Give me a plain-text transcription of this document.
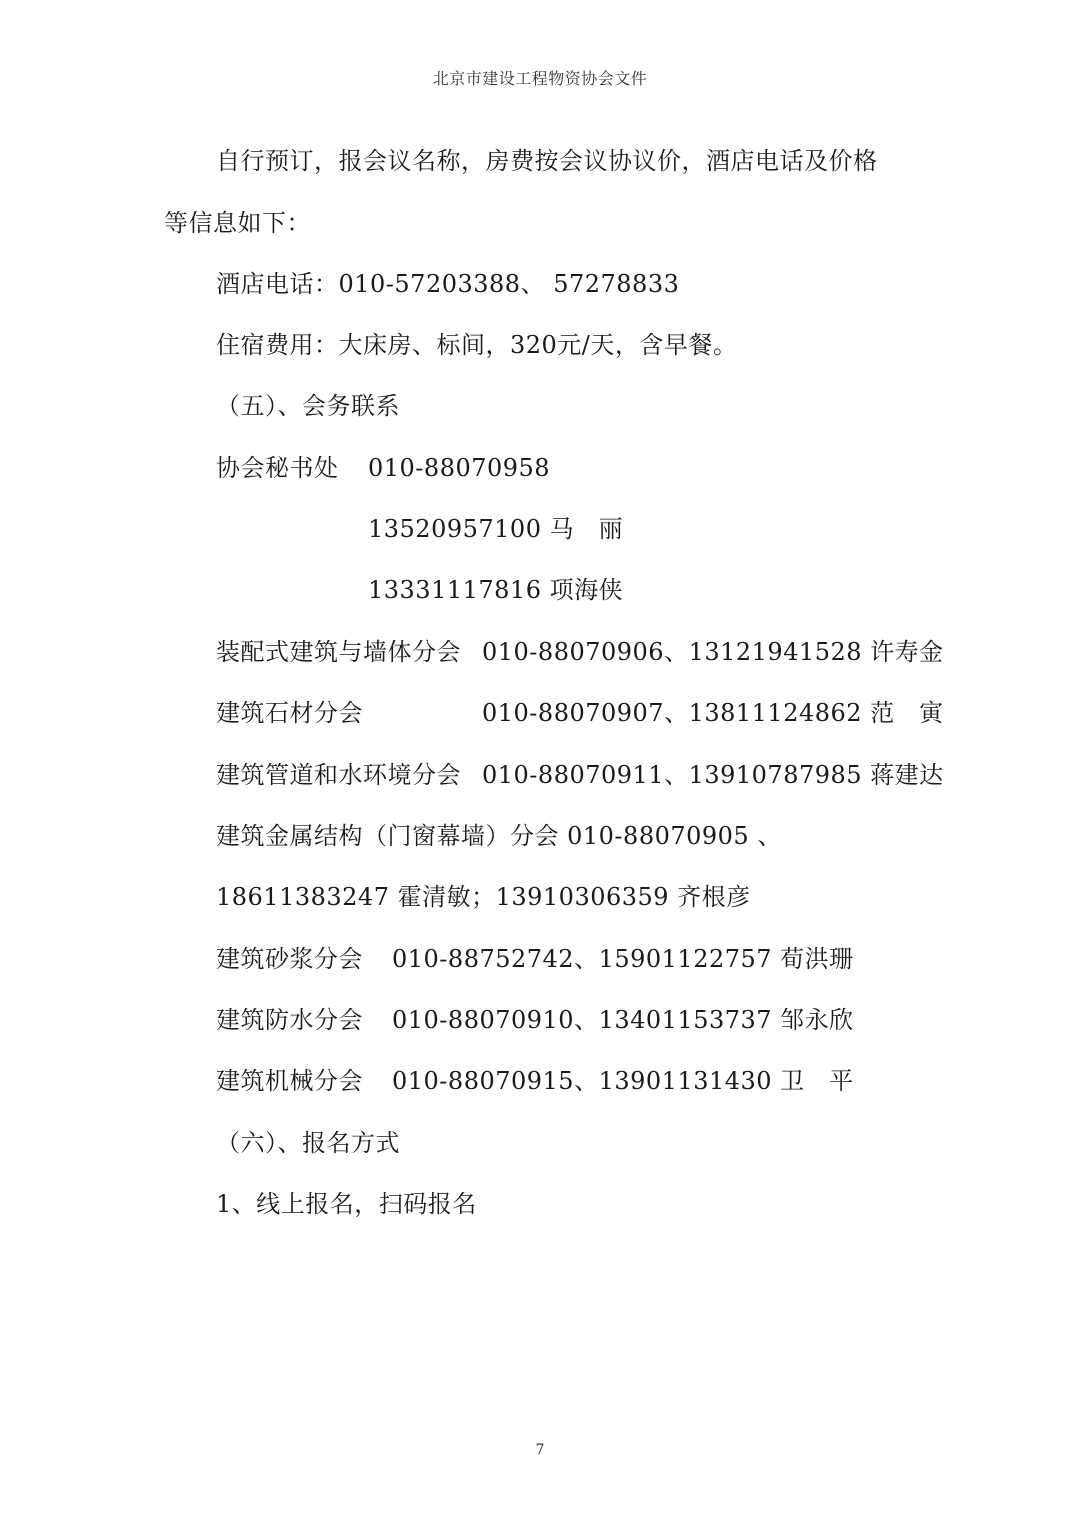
北京市建设工程物资协会文件
自行预订，报会议名称，房费按会议协议价，酒店电话及价格
等信息如下：
酒店电话：010-57203388、 57278833
住宿费用：大床房、标间，320元/天，含早餐。
（五）、会务联系
协会秘书处 010-88070958
13520957100 马　丽
13331117816 项海侠
装配式建筑与墙体分会 010-88070906、13121941528 许寿金
建筑石材分会	010-88070907、13811124862 范　寅
建筑管道和水环境分会 010-88070911、13910787985 蒋建达
建筑金属结构（门窗幕墙）分会 010-88070905 、
18611383247 霍清敏；13910306359 齐根彦
建筑砂浆分会 010-88752742、15901122757 荀洪珊
建筑防水分会 010-88070910、13401153737 邹永欣
建筑机械分会 010-88070915、13901131430 卫　平
（六）、报名方式
1、线上报名，扫码报名
7
